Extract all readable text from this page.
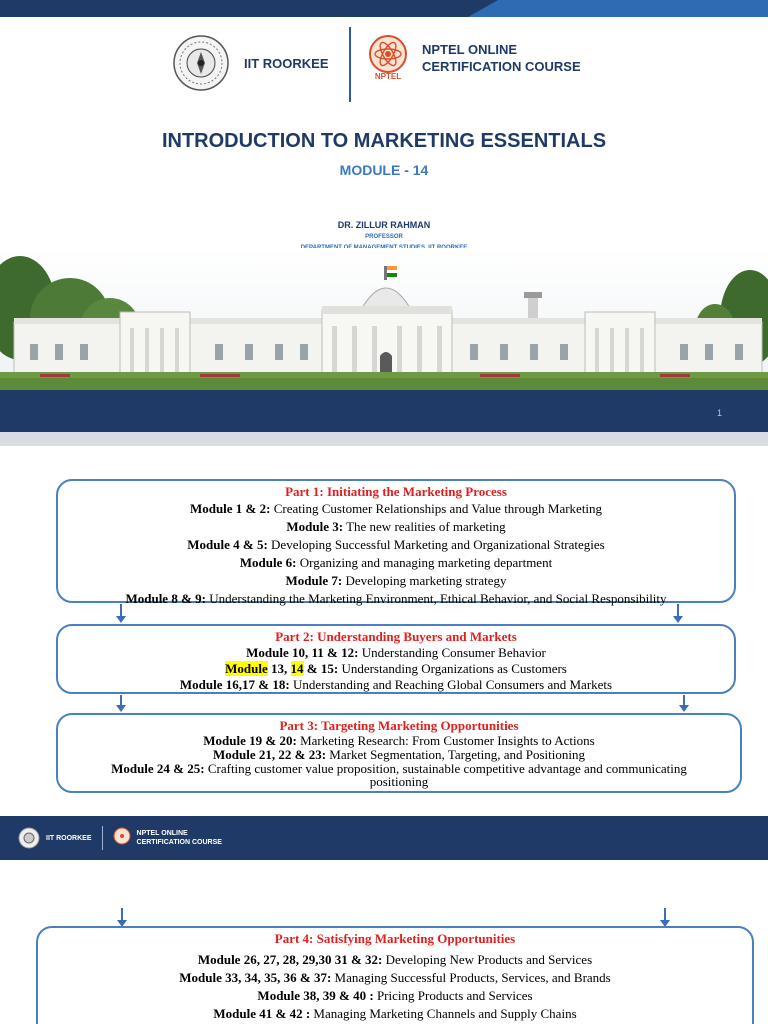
IIT ROORKEE
NPTEL
NPTEL ONLINE
CERTIFICATION COURSE
INTRODUCTION TO MARKETING ESSENTIALS
MODULE - 14
DR. ZILLUR RAHMAN
PROFESSOR
1
Part 1: Initiating the Marketing Process
Module 1 & 2: Creating Customer Relationships and Value through Marketing
Module 3: The new realities of marketing
Module 4 & 5: Developing Successful Marketing and Organizational Strategies
Module 6: Organizing and managing marketing department
Module 7: Developing marketing strategy
Module 8 & 9: Understanding the Marketing Environment, Ethical Behavior, and Social Responsibility
Part 2: Understanding Buyers and Markets
Module 10, 11 & 12: Understanding Consumer Behavior
Module 13, 14 & 15: Understanding Organizations as Customers
Module 16,17 & 18: Understanding and Reaching Global Consumers and Markets
Part 3: Targeting Marketing Opportunities
Module 19 & 20: Marketing Research: From Customer Insights to Actions
Module 21, 22 & 23: Market Segmentation, Targeting, and Positioning
Module 24 & 25: Crafting customer value proposition, sustainable competitive advantage and communicating
positioning
IIT ROORKEE
NPTEL ONLINE
CERTIFICATION COURSE
Part 4: Satisfying Marketing Opportunities
Module 26, 27, 28, 29,30 31 & 32: Developing New Products and Services
Module 33, 34, 35, 36 & 37: Managing Successful Products, Services, and Brands
Module 38, 39 & 40 : Pricing Products and Services
Module 41 & 42 : Managing Marketing Channels and Supply Chains
